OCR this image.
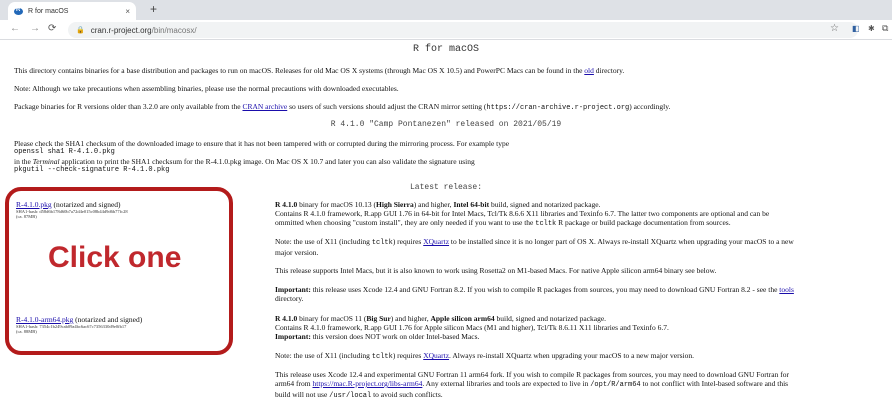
R
R for macOS	× +
← → ⟳	🔒 cran.r-project.org /bin/macosx/	☆ ◧ ✱ ⧉
R for macOS
This directory contains binaries for a base distribution and packages to run on macOS. Releases for old Mac OS X systems (through Mac OS X 10.5) and PowerPC Macs can be found in the old directory.
Note: Although we take precautions when assembling binaries, please use the normal precautions with downloaded executables.
Package binaries for R versions older than 3.2.0 are only available from the CRAN archive so users of such versions should adjust the CRAN mirror setting (https://cran-archive.r-project.org) accordingly.
R 4.1.0 "Camp Pontanezen" released on 2021/05/19
Please check the SHA1 checksum of the downloaded image to ensure that it has not been tampered with or corrupted during the mirroring process. For example type
openssl sha1 R-4.1.0.pkg
in the Terminal application to print the SHA1 checksum for the R-4.1.0.pkg image. On Mac OS X 10.7 and later you can also validate the signature using
pkgutil --check-signature R-4.1.0.pkg
Latest release:
R-4.1.0.pkg (notarized and signed)
SHA1-hash: d58d6b178d60b7a72d4e015c08b44d9d6b77fc28
(ca. 87MB)
R-4.1.0-arm64.pkg (notarized and signed)
SHA1-hash: 7354c1b249cab09a4bc6ac67c7356330d9e0fb17
(ca. 88MB)
R 4.1.0 binary for macOS 10.13 (High Sierra) and higher, Intel 64-bit build, signed and notarized package.
Contains R 4.1.0 framework, R.app GUI 1.76 in 64-bit for Intel Macs, Tcl/Tk 8.6.6 X11 libraries and Texinfo 6.7. The latter two components are optional and can be
ommitted when choosing "custom install", they are only needed if you want to use the tcltk R package or build package documentation from sources.
Note: the use of X11 (including tcltk) requires XQuartz to be installed since it is no longer part of OS X. Always re-install XQuartz when upgrading your macOS to a new
major version.
This release supports Intel Macs, but it is also known to work using Rosetta2 on M1-based Macs. For native Apple silicon arm64 binary see below.
Important: this release uses Xcode 12.4 and GNU Fortran 8.2. If you wish to compile R packages from sources, you may need to download GNU Fortran 8.2 - see the tools
directory.
R 4.1.0 binary for macOS 11 (Big Sur) and higher, Apple silicon arm64 build, signed and notarized package.
Contains R 4.1.0 framework, R.app GUI 1.76 for Apple silicon Macs (M1 and higher), Tcl/Tk 8.6.11 X11 libraries and Texinfo 6.7.
Important: this version does NOT work on older Intel-based Macs.
Note: the use of X11 (including tcltk) requires XQuartz. Always re-install XQuartz when upgrading your macOS to a new major version.
This release uses Xcode 12.4 and experimental GNU Fortran 11 arm64 fork. If you wish to compile R packages from sources, you may need to download GNU Fortran for
arm64 from https://mac.R-project.org/libs-arm64. Any external libraries and tools are expected to live in /opt/R/arm64 to not conflict with Intel-based software and this
build will not use /usr/local to avoid such conflicts.
Click one
